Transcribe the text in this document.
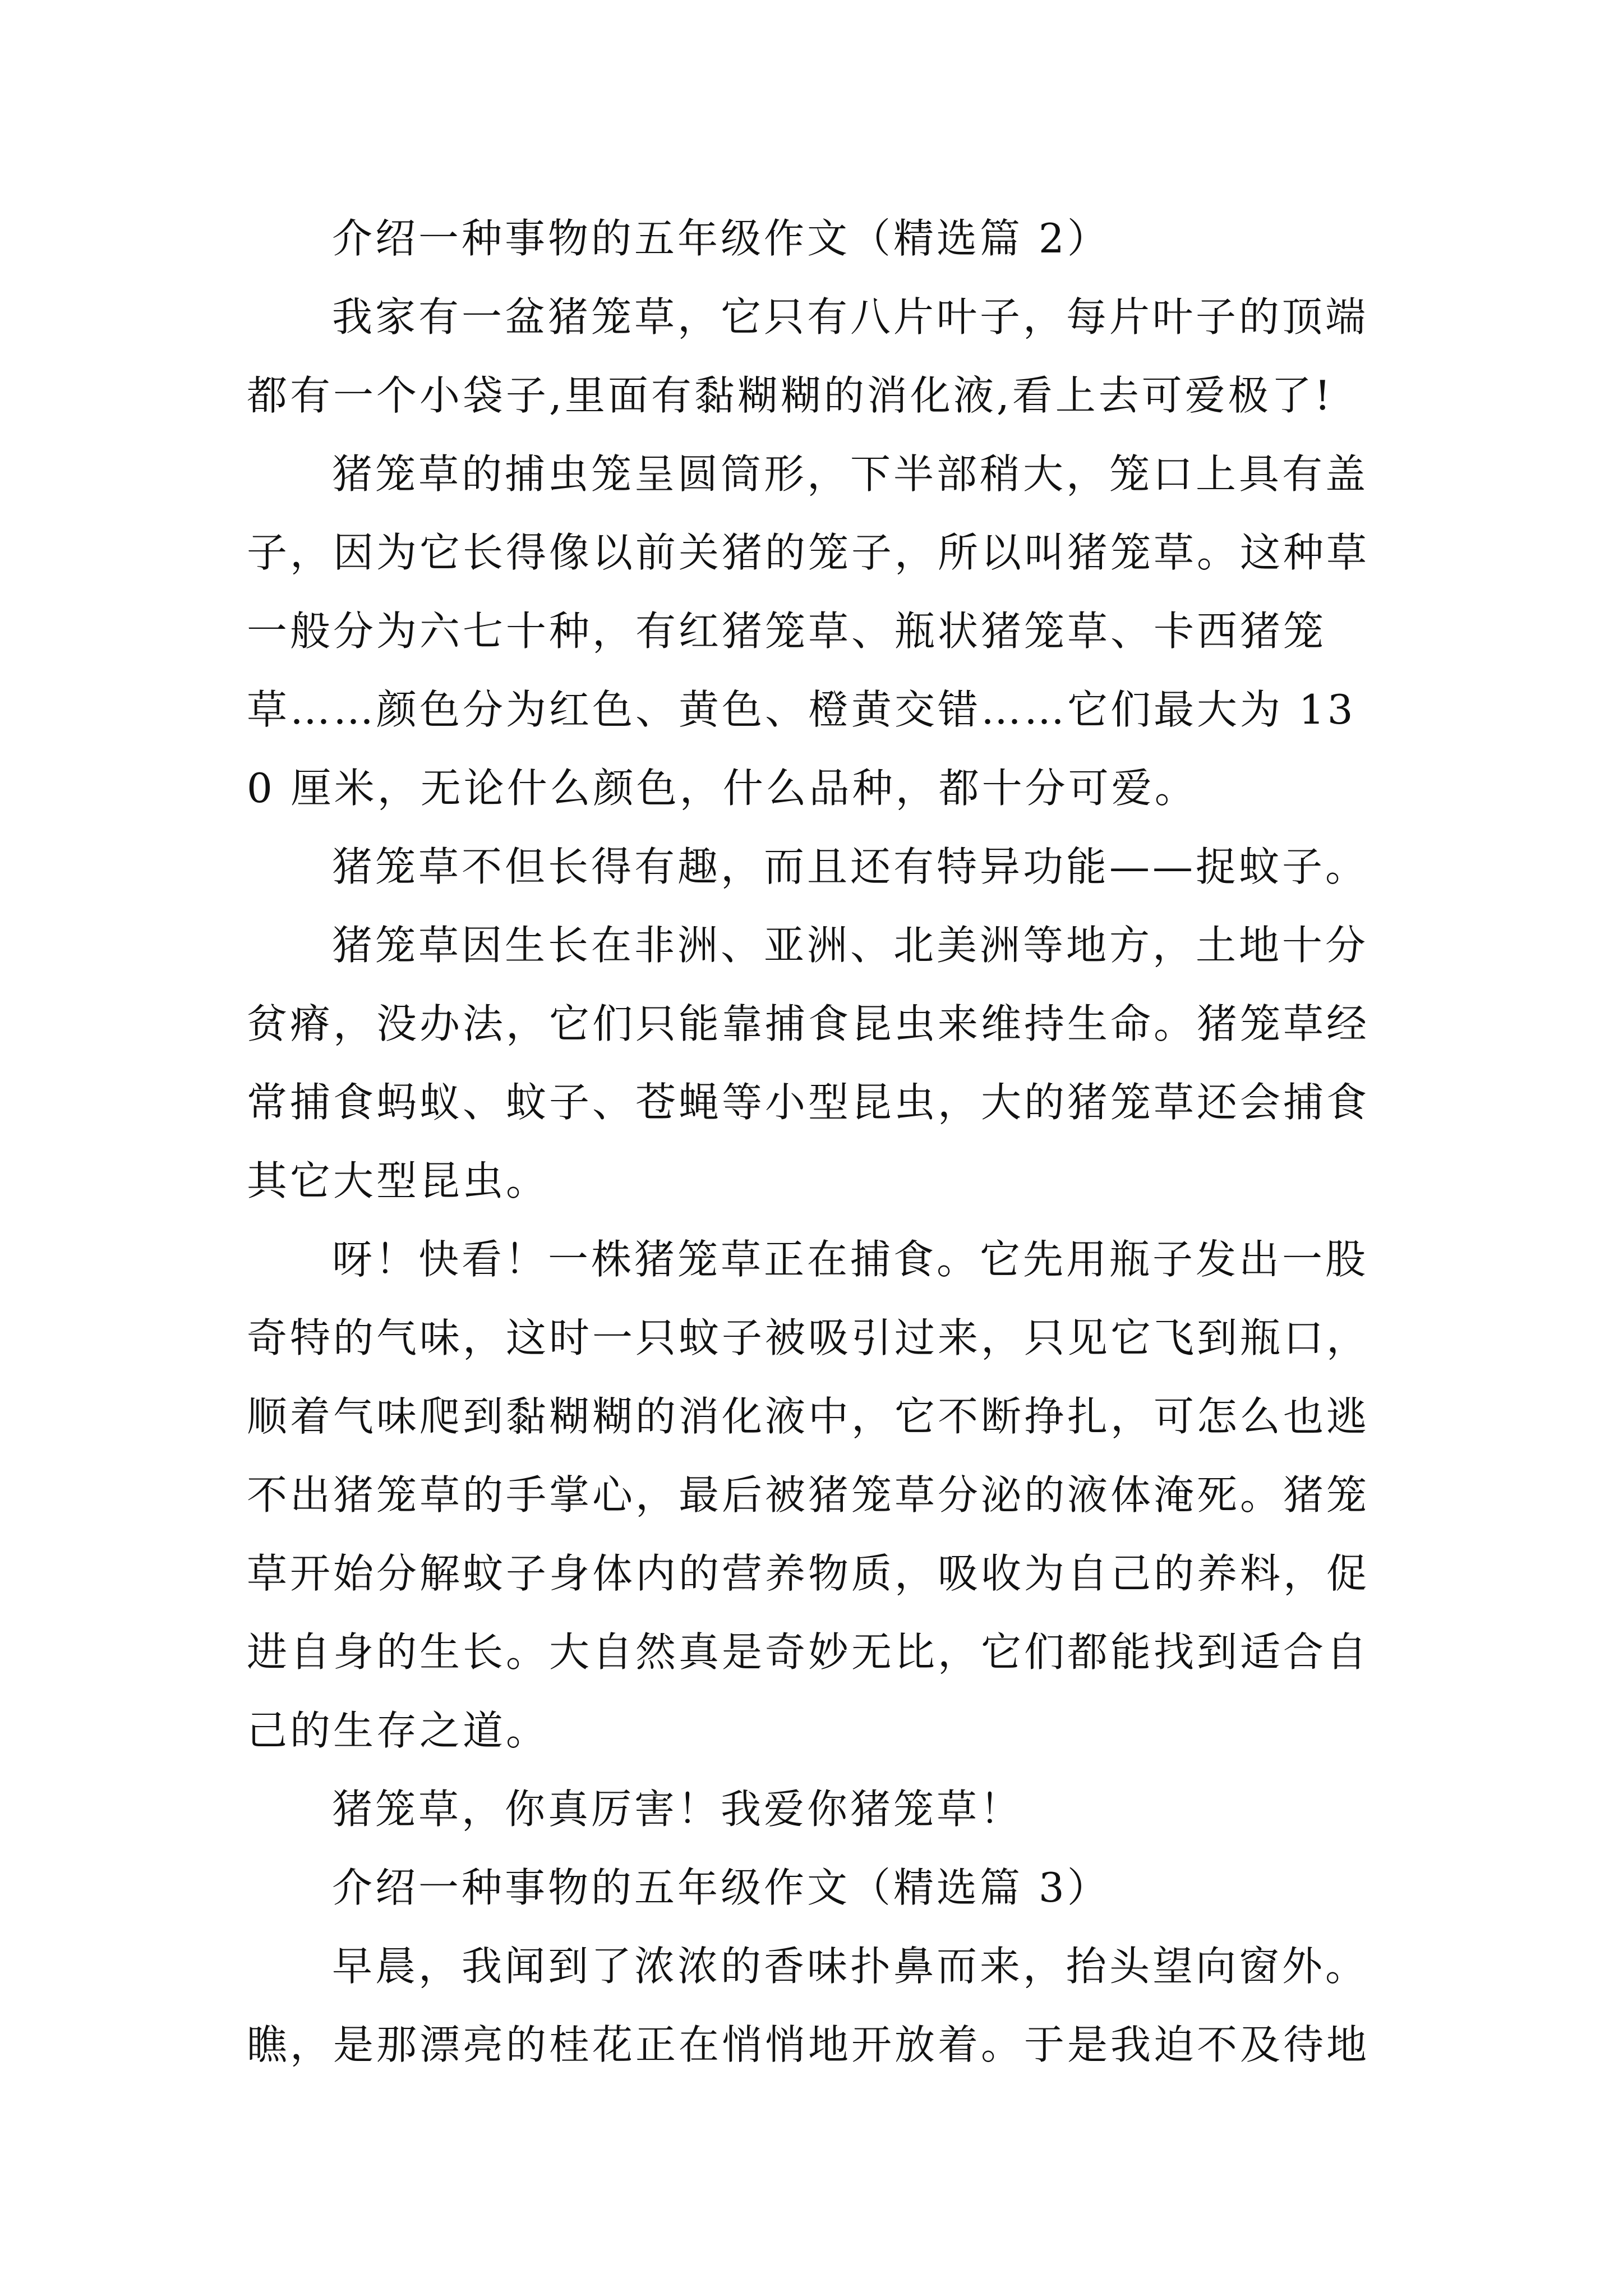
介绍一种事物的五年级作文（精选篇 2）

我家有一盆猪笼草，它只有八片叶子，每片叶子的顶端都有一个小袋子,里面有黏糊糊的消化液,看上去可爱极了!

猪笼草的捕虫笼呈圆筒形，下半部稍大，笼口上具有盖子，因为它长得像以前关猪的笼子，所以叫猪笼草。这种草一般分为六七十种，有红猪笼草、瓶状猪笼草、卡西猪笼草……颜色分为红色、黄色、橙黄交错……它们最大为 130 厘米，无论什么颜色，什么品种，都十分可爱。

猪笼草不但长得有趣，而且还有特异功能——捉蚊子。

猪笼草因生长在非洲、亚洲、北美洲等地方，土地十分贫瘠，没办法，它们只能靠捕食昆虫来维持生命。猪笼草经常捕食蚂蚁、蚊子、苍蝇等小型昆虫，大的猪笼草还会捕食其它大型昆虫。

呀！快看！一株猪笼草正在捕食。它先用瓶子发出一股奇特的气味，这时一只蚊子被吸引过来，只见它飞到瓶口，顺着气味爬到黏糊糊的消化液中，它不断挣扎，可怎么也逃不出猪笼草的手掌心，最后被猪笼草分泌的液体淹死。猪笼草开始分解蚊子身体内的营养物质，吸收为自己的养料，促进自身的生长。大自然真是奇妙无比，它们都能找到适合自己的生存之道。

猪笼草，你真厉害！我爱你猪笼草！

介绍一种事物的五年级作文（精选篇 3）

早晨，我闻到了浓浓的香味扑鼻而来，抬头望向窗外。瞧，是那漂亮的桂花正在悄悄地开放着。于是我迫不及待地
